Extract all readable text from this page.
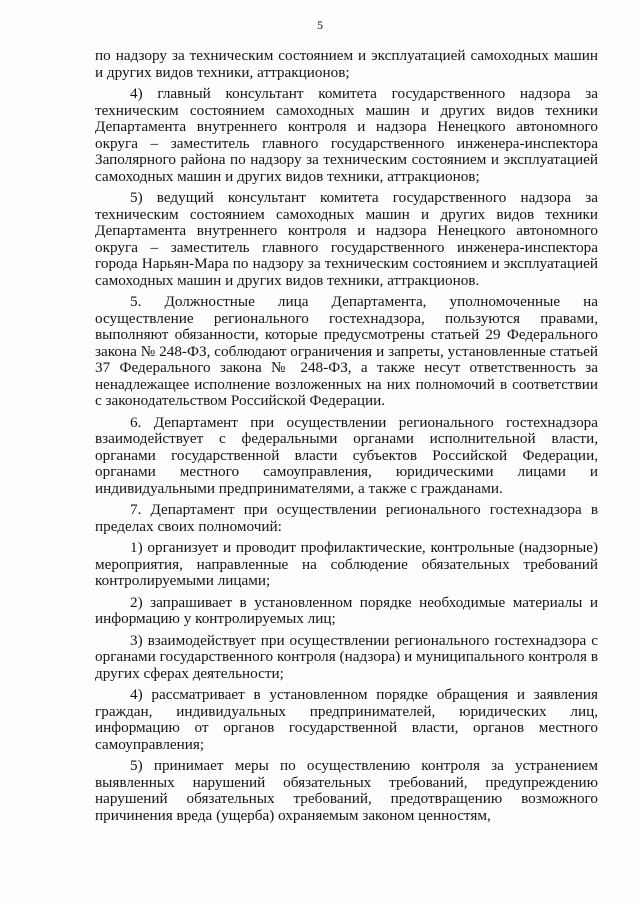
5

по надзору за техническим состоянием и эксплуатацией самоходных машин и других видов техники, аттракционов;

4) главный консультант комитета государственного надзора за техническим состоянием самоходных машин и других видов техники Департамента внутреннего контроля и надзора Ненецкого автономного округа – заместитель главного государственного инженера-инспектора Заполярного района по надзору за техническим состоянием и эксплуатацией самоходных машин и других видов техники, аттракционов;

5) ведущий консультант комитета государственного надзора за техническим состоянием самоходных машин и других видов техники Департамента внутреннего контроля и надзора Ненецкого автономного округа – заместитель главного государственного инженера-инспектора города Нарьян-Мара по надзору за техническим состоянием и эксплуатацией самоходных машин и других видов техники, аттракционов.

5. Должностные лица Департамента, уполномоченные на осуществление регионального гостехнадзора, пользуются правами, выполняют обязанности, которые предусмотрены статьей 29 Федерального закона № 248-ФЗ, соблюдают ограничения и запреты, установленные статьей 37 Федерального закона № 248-ФЗ, а также несут ответственность за ненадлежащее исполнение возложенных на них полномочий в соответствии с законодательством Российской Федерации.

6. Департамент при осуществлении регионального гостехнадзора взаимодействует с федеральными органами исполнительной власти, органами государственной власти субъектов Российской Федерации, органами местного самоуправления, юридическими лицами и индивидуальными предпринимателями, а также с гражданами.

7. Департамент при осуществлении регионального гостехнадзора в пределах своих полномочий:

1) организует и проводит профилактические, контрольные (надзорные) мероприятия, направленные на соблюдение обязательных требований контролируемыми лицами;

2) запрашивает в установленном порядке необходимые материалы и информацию у контролируемых лиц;

3) взаимодействует при осуществлении регионального гостехнадзора с органами государственного контроля (надзора) и муниципального контроля в других сферах деятельности;

4) рассматривает в установленном порядке обращения и заявления граждан, индивидуальных предпринимателей, юридических лиц, информацию от органов государственной власти, органов местного самоуправления;

5) принимает меры по осуществлению контроля за устранением выявленных нарушений обязательных требований, предупреждению нарушений обязательных требований, предотвращению возможного причинения вреда (ущерба) охраняемым законом ценностям,
